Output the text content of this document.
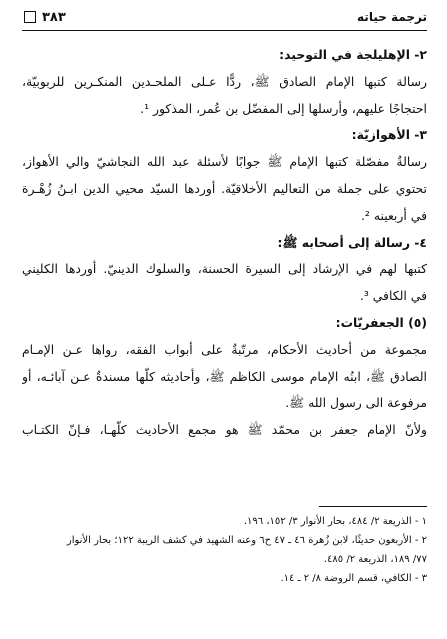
٣٨٣	ترجمة حياته
٢- الإهليلجة في التوحيد:
رسالة كتبها الإمام الصادق ﷺ، ردًّا عـلى الملحـدين المنكـرين للربوبيّة،
احتجاجًا عليهم، وأرسلها إلى المفضّل بن عُمر، المذكور ¹.
٣- الأهوازيّة:
رسالةٌ مفصّلة كتبها الإمام ﷺ جوابًا لأسئلة عبد الله النجاشيّ والي الأهواز،
تحتوي على جملة من التعاليم الأخلاقيّة. أوردها السيّد محيي الدين ابـنُ زُهْـرة
في أربعينه ².
٤- رسالة إلى أصحابه ﷺ:
كتبها لهم في الإرشاد إلى السيرة الحسنة، والسلوك الدينيّ. أوردها الكليني
في الكافي ³.
(٥) الجعفريّات:
مجموعة من أحاديث الأحكام، مرتّبةٌ على أبواب الفقه، رواها عـن الإمـام
الصادق ﷺ، ابنُه الإمام موسى الكاظم ﷺ، وأحاديثه كلّها مسندةٌ عـن آبائـه، أو
مرفوعة الى رسول الله ﷺ.
ولأنّ الإمام جعفر بن محمّد ﷺ هو مجمع الأحاديث كلّهـا، فـإنّ الكتـاب
١ - الذريعة ٢/ ٤٨٤، بحار الأنوار ٣/ ١٥٢، ١٩٦.
٢ - الأربعون حديثًا، لابن زُهرة ٤٦ ـ ٤٧ ح٦ وعنه الشهيد في كشف الريبة ١٢٢؛ بحار الأنوار
٧٧/ ١٨٩، الذريعة ٢/ ٤٨٥.
٣ - الكافي، قسم الروضة ٨/ ٢ ـ ١٤.
